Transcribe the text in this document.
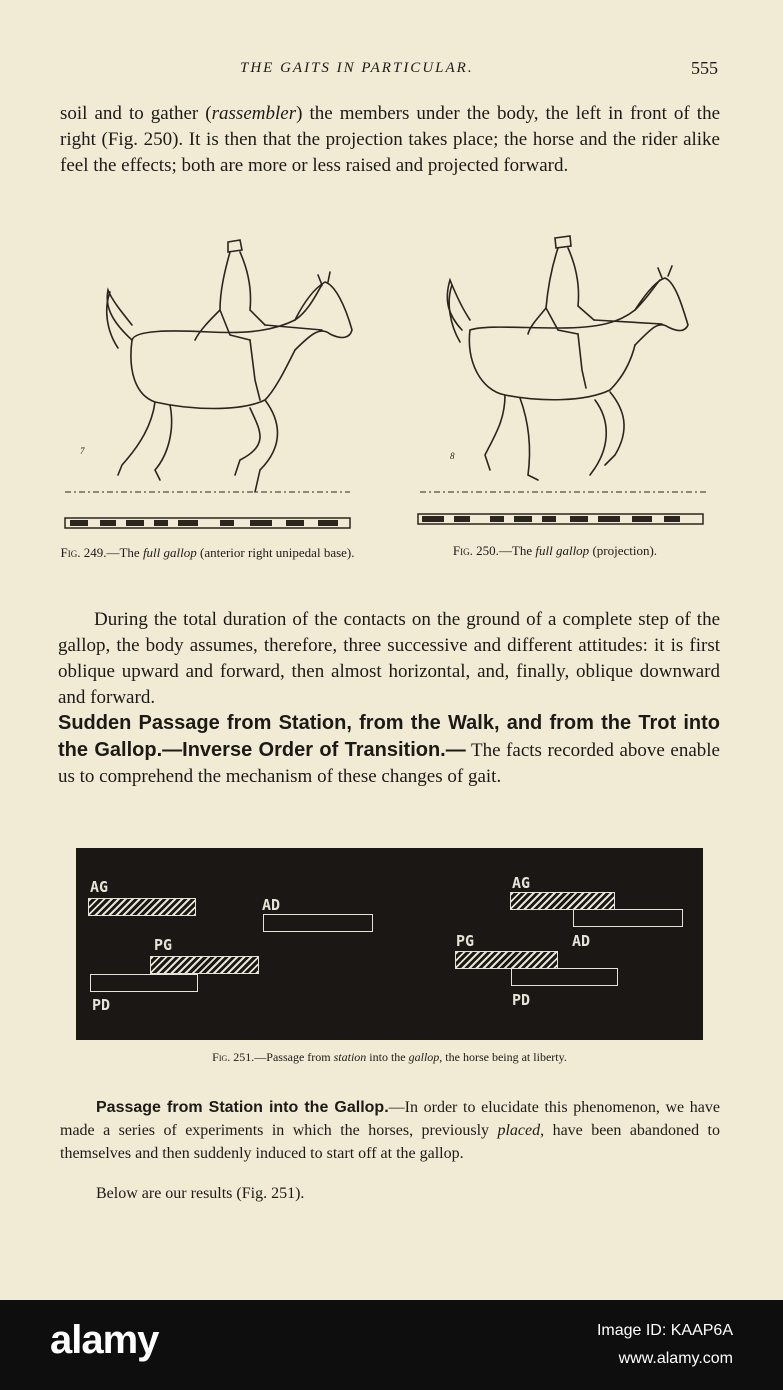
THE GAITS IN PARTICULAR.	555

soil and to gather (rassembler) the members under the body, the left in front of the right (Fig. 250). It is then that the projection takes place; the horse and the rider alike feel the effects; both are more or less raised and projected forward.

7
Fig. 249.—The full gallop (anterior right unipedal base).
8
Fig. 250.—The full gallop (projection).

During the total duration of the contacts on the ground of a complete step of the gallop, the body assumes, therefore, three successive and different attitudes: it is first oblique upward and forward, then almost horizontal, and, finally, oblique downward and forward.

Sudden Passage from Station, from the Walk, and from the Trot into the Gallop.—Inverse Order of Transition.— The facts recorded above enable us to comprehend the mechanism of these changes of gait.

AG
AD
PG
PD
AG
PG	AD
PD
Fig. 251.—Passage from station into the gallop, the horse being at liberty.

Passage from Station into the Gallop.—In order to elucidate this phenomenon, we have made a series of experiments in which the horses, previously placed, have been abandoned to themselves and then suddenly induced to start off at the gallop.

Below are our results (Fig. 251).

alamy	Image ID: KAAP6A
www.alamy.com
